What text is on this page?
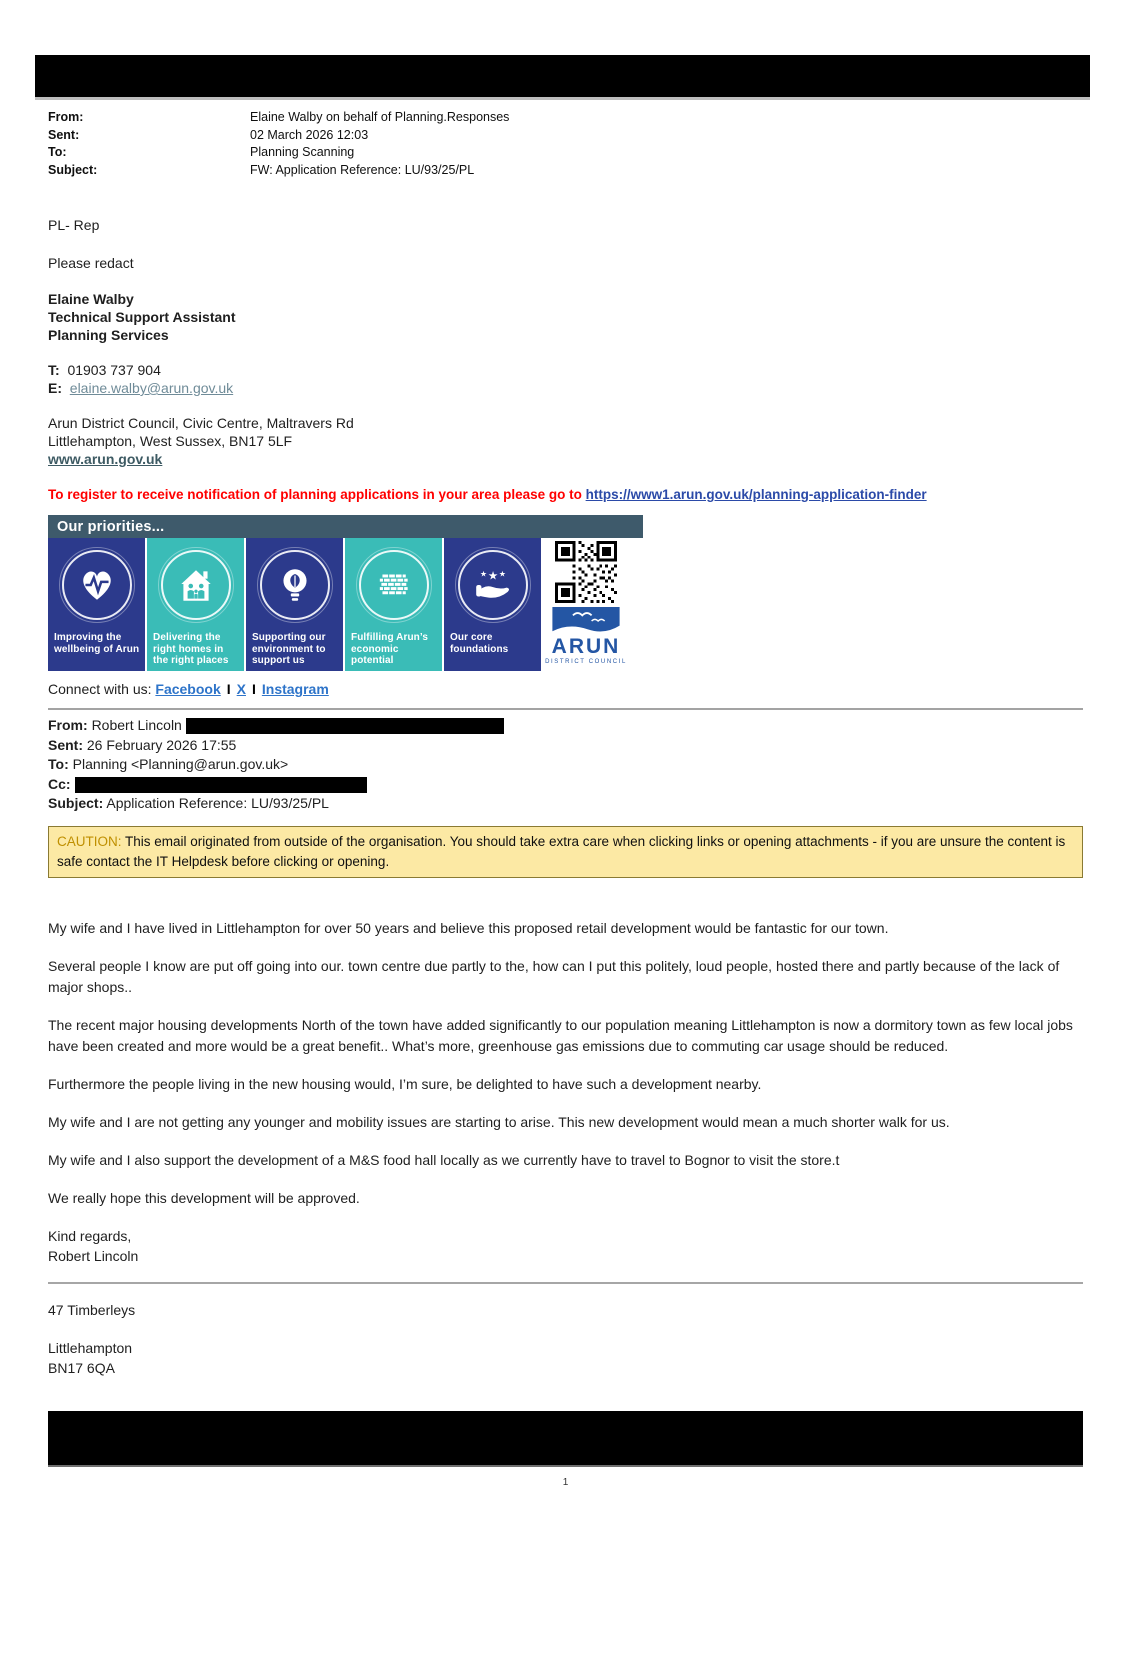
From:	Elaine Walby on behalf of Planning.Responses
Sent:	02 March 2026 12:03
To:	Planning Scanning
Subject:	FW: Application Reference: LU/93/25/PL

PL- Rep

Please redact

Elaine Walby
Technical Support Assistant
Planning Services
T: 01903 737 904
E: elaine.walby@arun.gov.uk
Arun District Council, Civic Centre, Maltravers Rd
Littlehampton, West Sussex, BN17 5LF
www.arun.gov.uk
To register to receive notification of planning applications in your area please go to https://www1.arun.gov.uk/planning-application-finder
Our priorities...
Improving the wellbeing of Arun
Delivering the right homes in the right places
Supporting our environment to support us
Fulfilling Arun’s economic potential
★
★ ★
Our core foundations	ARUN
DISTRICT COUNCIL
Connect with us: Facebook I X I Instagram
From: Robert Lincoln
Sent: 26 February 2026 17:55
To: Planning <Planning@arun.gov.uk>
Cc:
Subject: Application Reference: LU/93/25/PL
CAUTION: This email originated from outside of the organisation. You should take extra care when clicking links or opening attachments - if you are unsure the content is safe contact the IT Helpdesk before clicking or opening.

My wife and I have lived in Littlehampton for over 50 years and believe this proposed retail development would be fantastic for our town.

Several people I know are put off going into our. town centre due partly to the, how can I put this politely, loud people, hosted there and partly because of the lack of major shops..

The recent major housing developments North of the town have added significantly to our population meaning Littlehampton is now a dormitory town as few local jobs have been created and more would be a great benefit.. What’s more, greenhouse gas emissions due to commuting car usage should be reduced.

Furthermore the people living in the new housing would, I’m sure, be delighted to have such a development nearby.

My wife and I are not getting any younger and mobility issues are starting to arise. This new development would mean a much shorter walk for us.

My wife and I also support the development of a M&S food hall locally as we currently have to travel to Bognor to visit the store.t

We really hope this development will be approved.

Kind regards,
Robert Lincoln
47 Timberleys
Littlehampton
BN17 6QA
1
